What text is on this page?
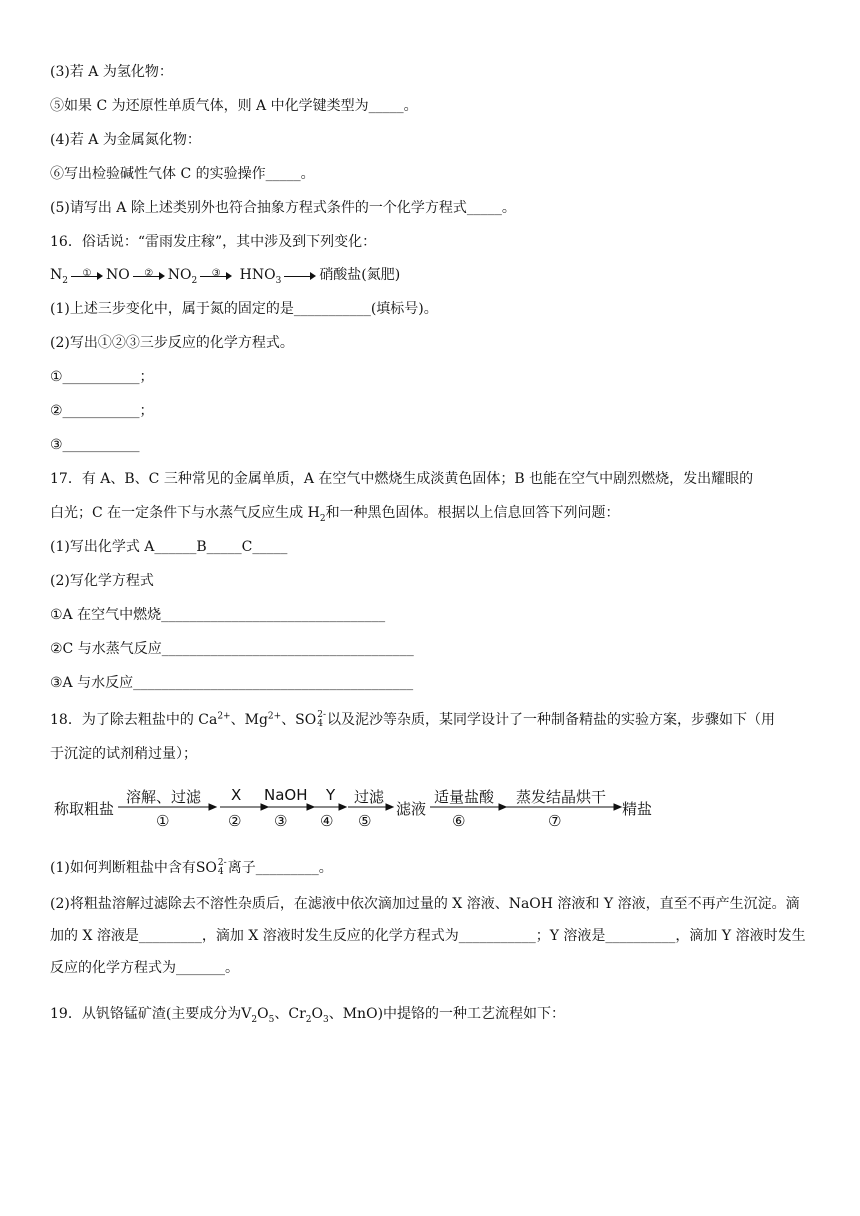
(3)若 A 为氢化物：
⑤如果 C 为还原性单质气体，则 A 中化学键类型为_____。
(4)若 A 为金属氮化物：
⑥写出检验碱性气体 C 的实验操作_____。
(5)请写出 A 除上述类别外也符合抽象方程式条件的一个化学方程式_____。
16．俗话说：“雷雨发庄稼”，其中涉及到下列变化：
$N_2$
①	NO	②	$NO_2$
③	$HNO_3$	硝酸盐(氮肥)
(1)上述三步变化中，属于氮的固定的是___________(填标号)。
(2)写出①②③三步反应的化学方程式。
①___________；
②___________；
③___________
17．有 A、B、C 三种常见的金属单质，A 在空气中燃烧生成淡黄色固体；B 也能在空气中剧烈燃烧，发出耀眼的
白光；C 在一定条件下与水蒸气反应生成 $H_2$和一种黑色固体。根据以上信息回答下列问题：
(1)写出化学式 A______B_____C_____
(2)写化学方程式
①A 在空气中燃烧________________________________
②C 与水蒸气反应____________________________________
③A 与水反应________________________________________
18．为了除去粗盐中的 $Ca^{2+}$、$Mg^{2+}$、SO 2-
4 以及泥沙等杂质，某同学设计了一种制备精盐的实验方案，步骤如下（用
于沉淀的试剂稍过量）；
称取粗盐
溶解、过滤
①
X
②
NaOH
③
Y
④
过滤
⑤
滤液
适量盐酸
⑥
蒸发结晶烘干
⑦
精盐
(1)如何判断粗盐中含有SO 2-
4 离子_________。
(2)将粗盐溶解过滤除去不溶性杂质后，在滤液中依次滴加过量的 X 溶液、NaOH 溶液和 Y 溶液，直至不再产生沉淀。滴加的 X 溶液是_________，滴加 X 溶液时发生反应的化学方程式为___________；Y 溶液是__________，滴加 Y 溶液时发生反应的化学方程式为_______。
19．从钒铬锰矿渣(主要成分为$V_2O_5$、$Cr_2O_3$、MnO)中提铬的一种工艺流程如下：
